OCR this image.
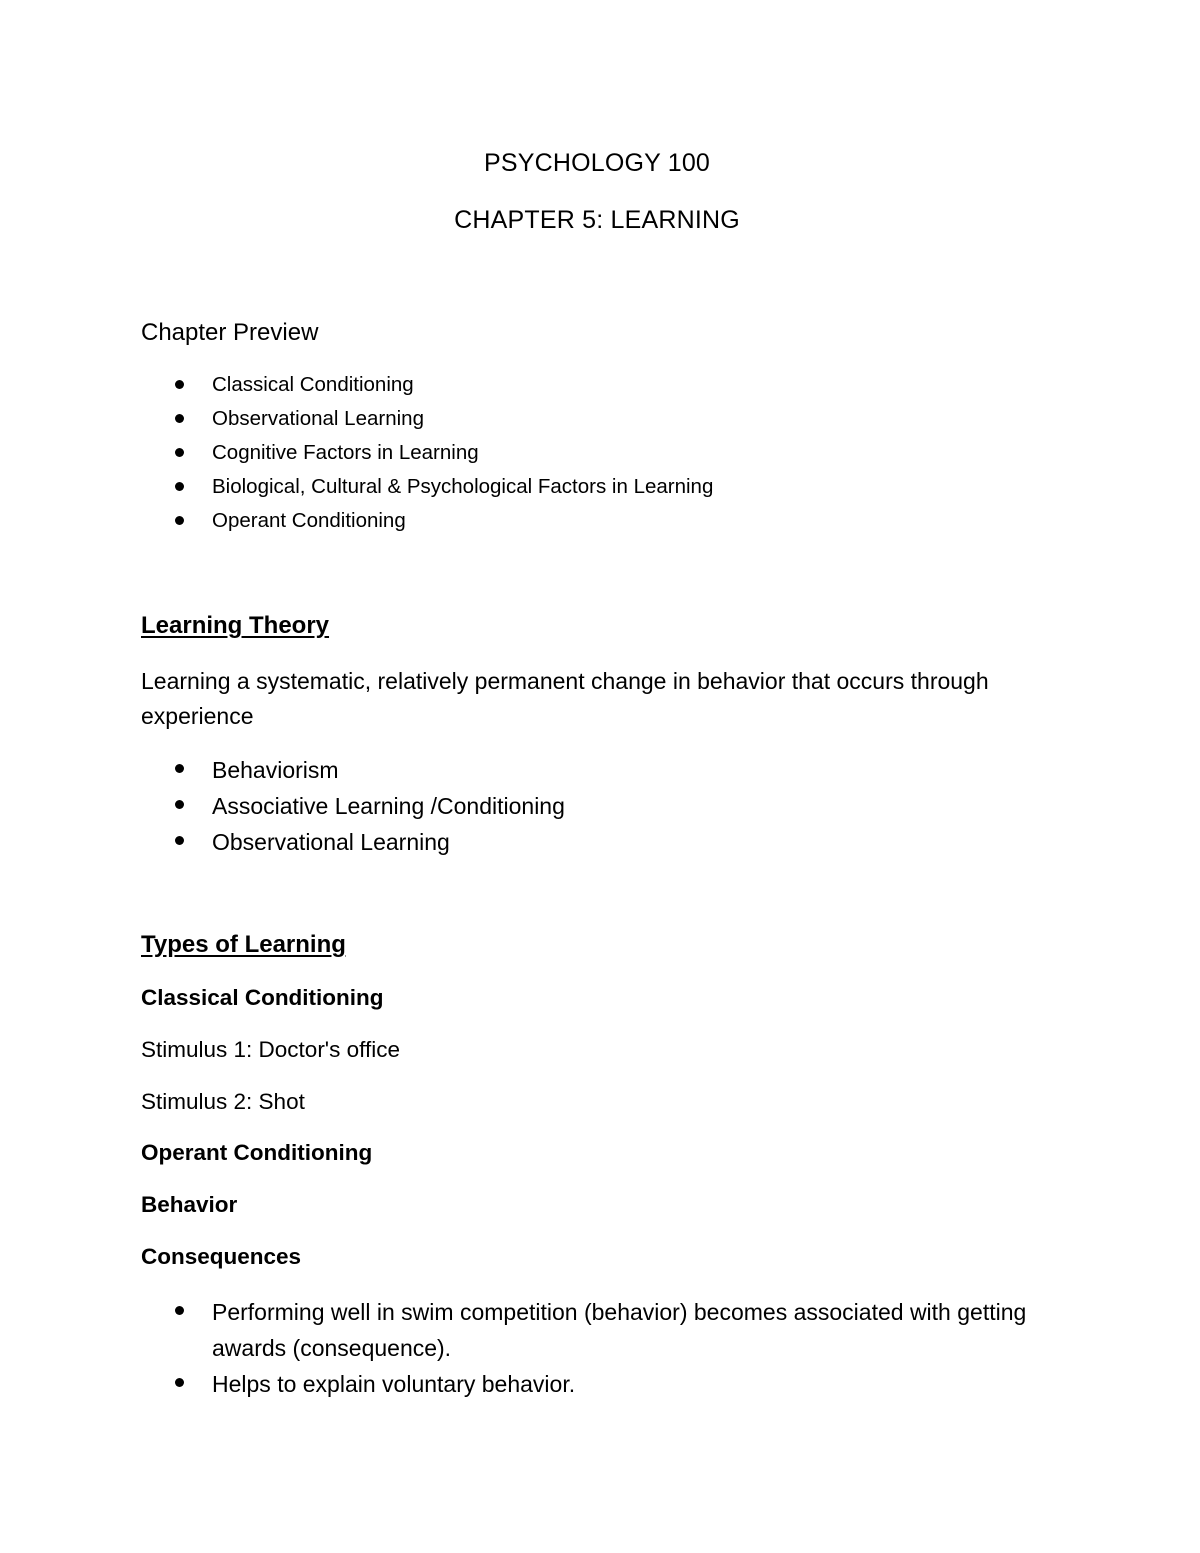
PSYCHOLOGY 100
CHAPTER 5: LEARNING
Chapter Preview
Classical Conditioning
Observational Learning
Cognitive Factors in Learning
Biological, Cultural & Psychological Factors in Learning
Operant Conditioning
Learning Theory

Learning a systematic, relatively permanent change in behavior that occurs through experience

Behaviorism
Associative Learning /Conditioning
Observational Learning
Types of Learning

Classical Conditioning

Stimulus 1: Doctor's office

Stimulus 2: Shot

Operant Conditioning

Behavior

Consequences

Performing well in swim competition (behavior) becomes associated with getting awards (consequence).
Helps to explain voluntary behavior.
